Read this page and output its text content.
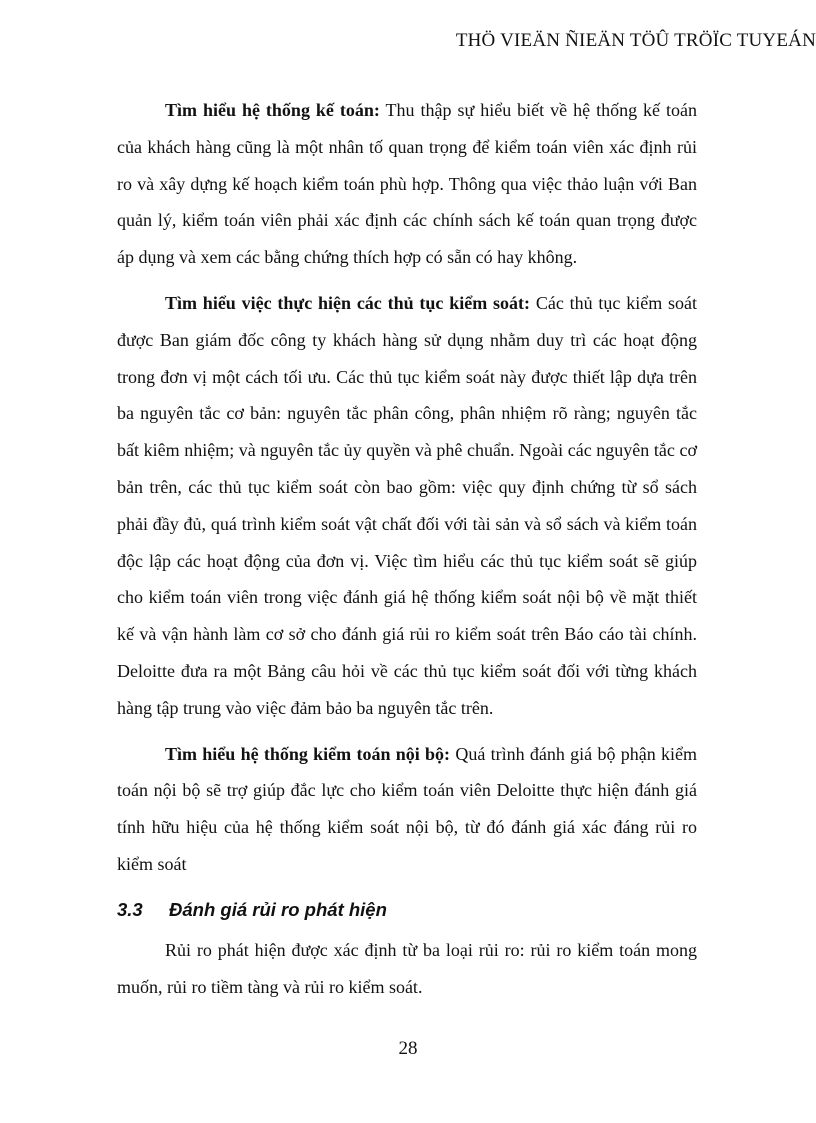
THÖ VIEÄN ÑIEÄN TÖÛ TRÖÏC TUYEÁN

Tìm hiểu hệ thống kế toán: Thu thập sự hiểu biết về hệ thống kế toán của khách hàng cũng là một nhân tố quan trọng để kiểm toán viên xác định rủi ro và xây dựng kế hoạch kiểm toán phù hợp. Thông qua việc thảo luận với Ban quản lý, kiểm toán viên phải xác định các chính sách kế toán quan trọng được áp dụng và xem các bằng chứng thích hợp có sẵn có hay không.

Tìm hiểu việc thực hiện các thủ tục kiểm soát: Các thủ tục kiểm soát được Ban giám đốc công ty khách hàng sử dụng nhằm duy trì các hoạt động trong đơn vị một cách tối ưu. Các thủ tục kiểm soát này được thiết lập dựa trên ba nguyên tắc cơ bản: nguyên tắc phân công, phân nhiệm rõ ràng; nguyên tắc bất kiêm nhiệm; và nguyên tắc ủy quyền và phê chuẩn. Ngoài các nguyên tắc cơ bản trên, các thủ tục kiểm soát còn bao gồm: việc quy định chứng từ sổ sách phải đầy đủ, quá trình kiểm soát vật chất đối với tài sản và sổ sách và kiểm toán độc lập các hoạt động của đơn vị. Việc tìm hiểu các thủ tục kiểm soát sẽ giúp cho kiểm toán viên trong việc đánh giá hệ thống kiểm soát nội bộ về mặt thiết kế và vận hành làm cơ sở cho đánh giá rủi ro kiểm soát trên Báo cáo tài chính. Deloitte đưa ra một Bảng câu hỏi về các thủ tục kiểm soát đối với từng khách hàng tập trung vào việc đảm bảo ba nguyên tắc trên.

Tìm hiểu hệ thống kiểm toán nội bộ: Quá trình đánh giá bộ phận kiểm toán nội bộ sẽ trợ giúp đắc lực cho kiểm toán viên Deloitte thực hiện đánh giá tính hữu hiệu của hệ thống kiểm soát nội bộ, từ đó đánh giá xác đáng rủi ro kiểm soát

3.3	Đánh giá rủi ro phát hiện

Rủi ro phát hiện được xác định từ ba loại rủi ro: rủi ro kiểm toán mong muốn, rủi ro tiềm tàng và rủi ro kiểm soát.

28
